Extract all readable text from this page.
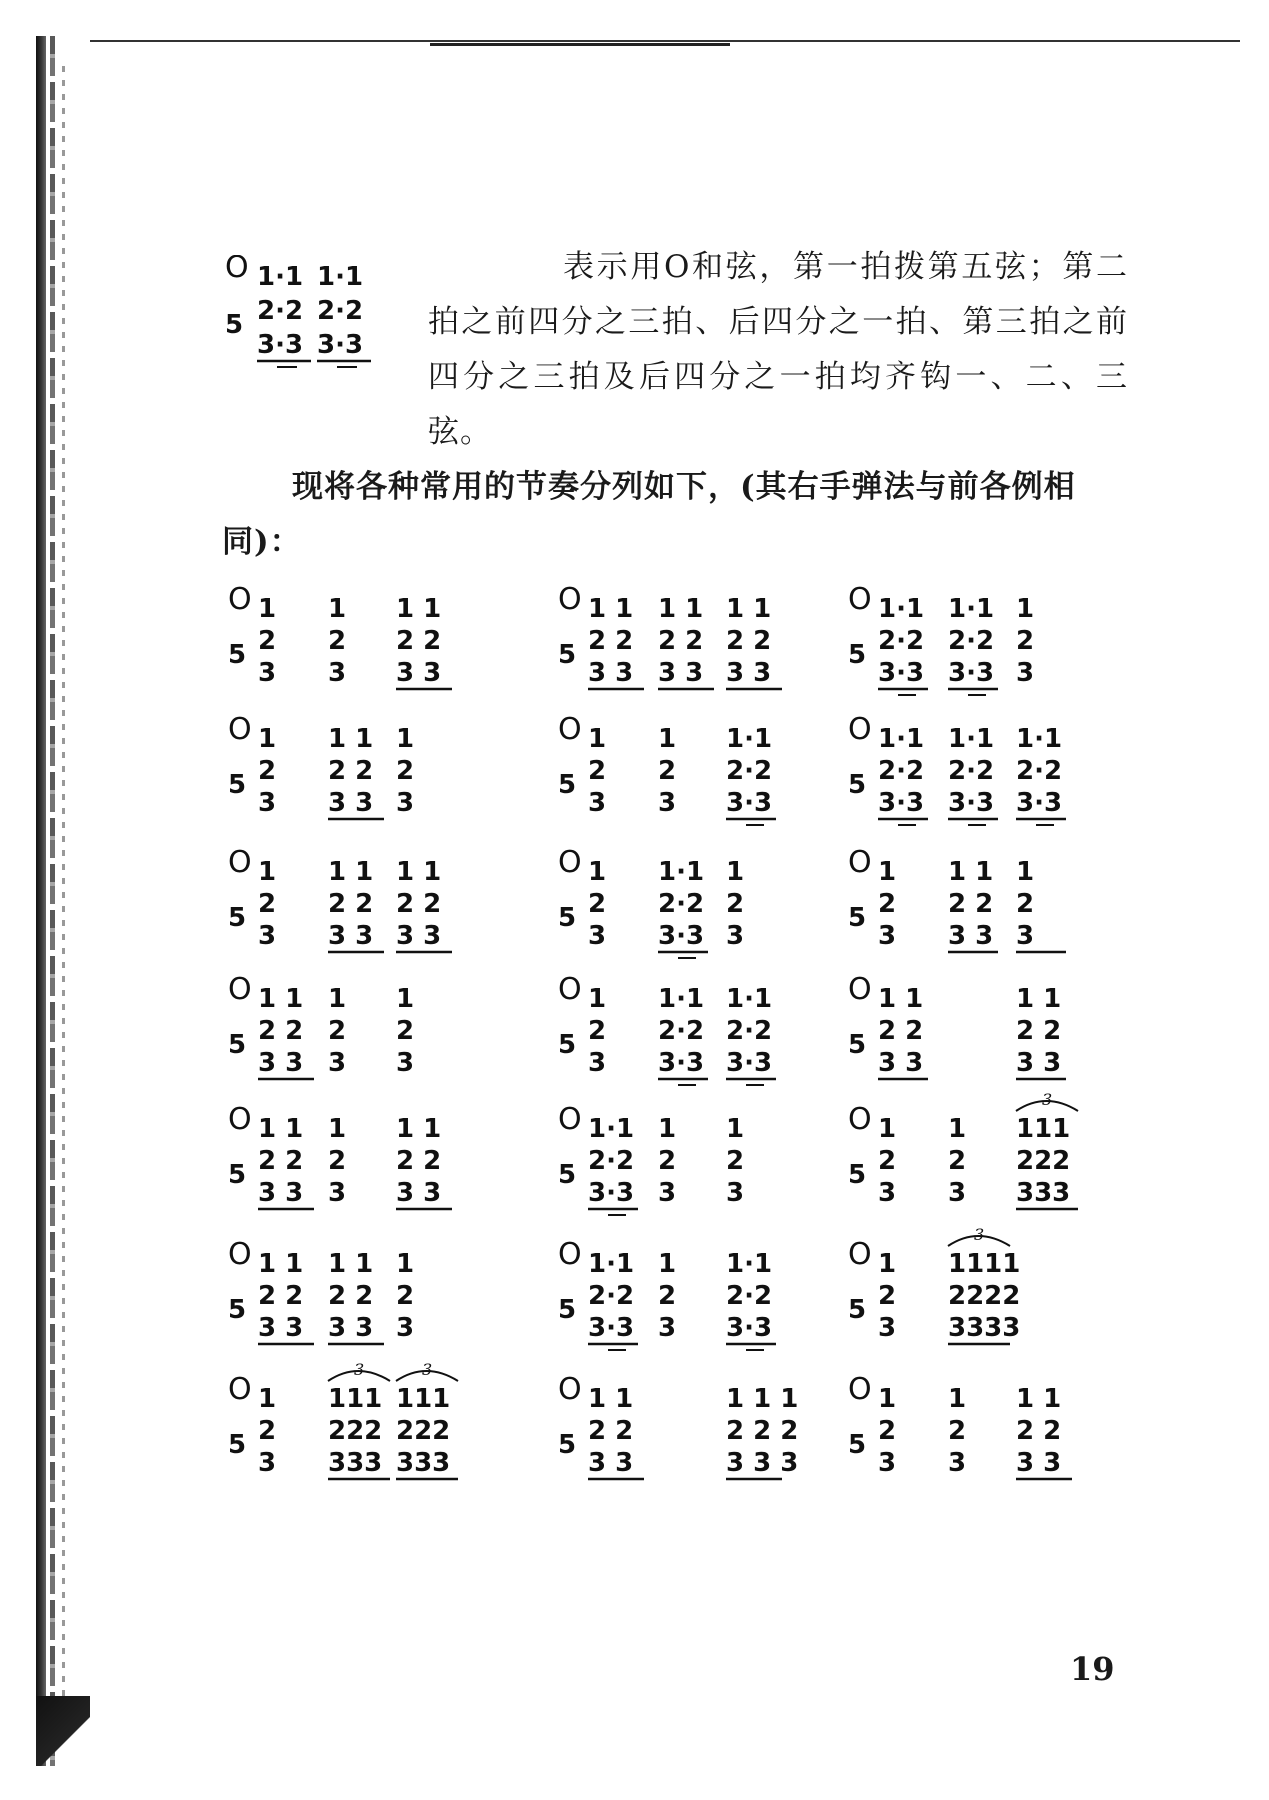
O
5
1·1 1·1
2·2 2·2
3·3 3·3
表示用O和弦，第一拍拨第五弦；第二拍之前四分之三拍、后四分之一拍、第三拍之前四分之三拍及后四分之一拍均齐钩一、二、三弦。
现将各种常用的节奏分列如下，(其右手弹法与前各例相同)：
O
5
1
2
3
1
2
3
1 1
2 2
3 3
O
5
1 1
2 2
3 3
1 1
2 2
3 3
1 1
2 2
3 3
O
5
1·1
2·2
3·3
1·1
2·2
3·3
1
2
3
O
5
1
2
3
1 1
2 2
3 3
1
2
3
O
5
1
2
3
1
2
3
1·1
2·2
3·3
O
5
1·1
2·2
3·3
1·1
2·2
3·3
1·1
2·2
3·3
O
5
1
2
3
1 1
2 2
3 3
1 1
2 2
3 3
O
5
1
2
3
1·1
2·2
3·3
1
2
3
O
5
1
2
3
1 1
2 2
3 3
1
2
3
O
5
1 1
2 2
3 3
1
2
3
1
2
3
O
5
1
2
3
1·1
2·2
3·3
1·1
2·2
3·3
O
5
1 1
2 2
3 3
1 1
2 2
3 3
O
5
1 1
2 2
3 3
1
2
3
1 1
2 2
3 3
O
5
1·1
2·2
3·3
1
2
3
1
2
3
O
5
1
2
3
1
2
3
111
222
333
3
O
5
1 1
2 2
3 3
1 1
2 2
3 3
1
2
3
O
5
1·1
2·2
3·3
1
2
3
1·1
2·2
3·3
O
5
1
2
3
1111
2222
3333
3
O
5
1
2
3
111
222
333
111
222
333
3	3
O
5
1 1
2 2
3 3
1 1 1
2 2 2
3 3 3
O
5
1
2
3
1
2
3
1 1
2 2
3 3
19
